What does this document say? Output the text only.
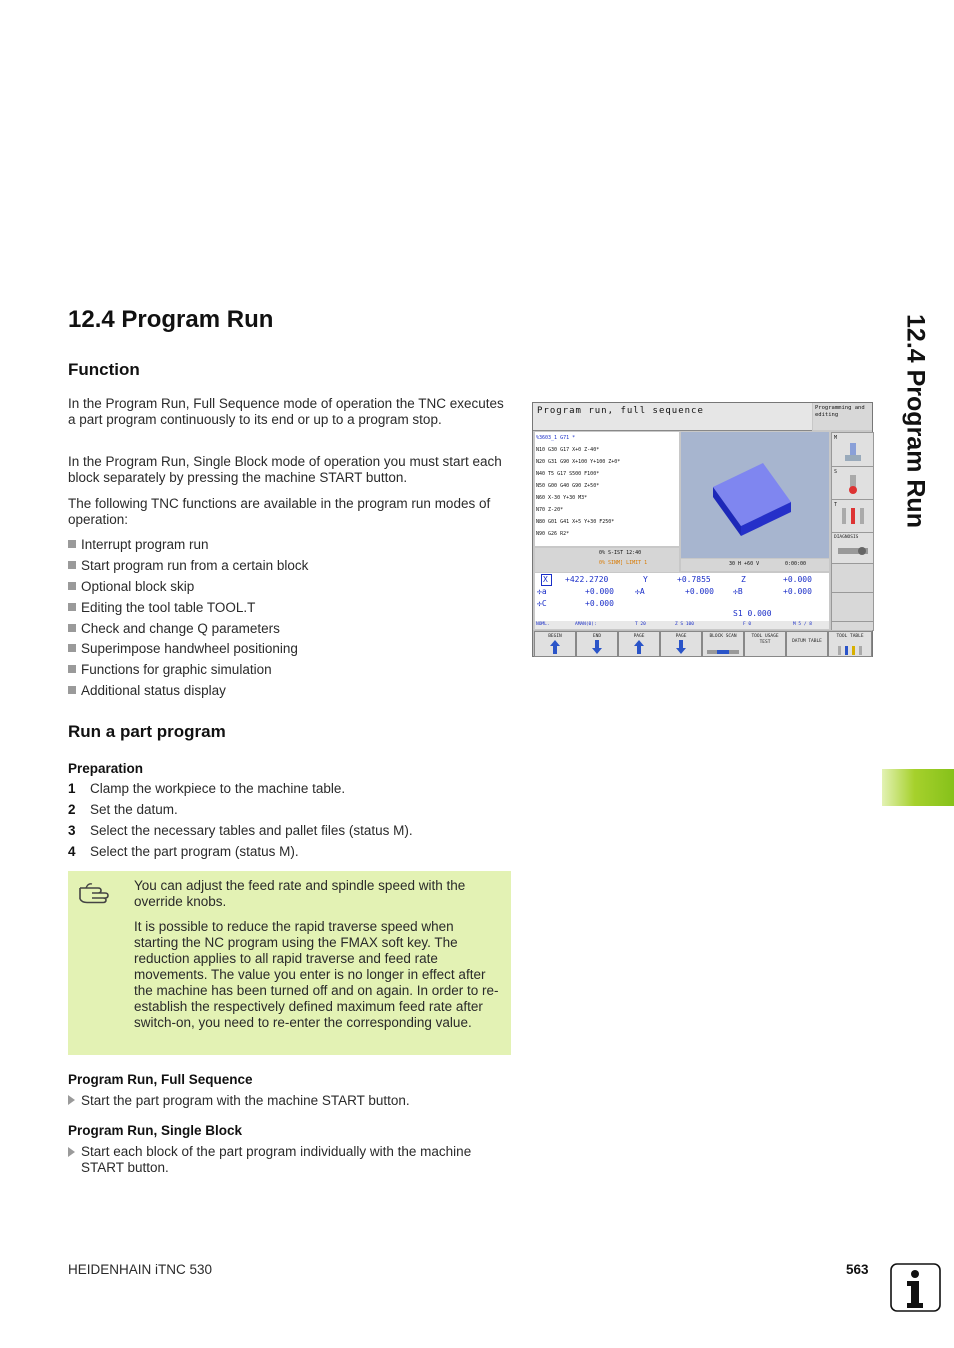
12.4 Program Run
Function
In the Program Run, Full Sequence mode of operation the TNC executes a part program continuously to its end or up to a program stop.
In the Program Run, Single Block mode of operation you must start each block separately by pressing the machine START button.
The following TNC functions are available in the program run modes of operation:
Interrupt program run
Start program run from a certain block
Optional block skip
Editing the tool table TOOL.T
Check and change Q parameters
Superimpose handwheel positioning
Functions for graphic simulation
Additional status display
Run a part program
Preparation
1 Clamp the workpiece to the machine table.
2 Set the datum.
3 Select the necessary tables and pallet files (status M).
4 Select the part program (status M).

You can adjust the feed rate and spindle speed with the override knobs.

It is possible to reduce the rapid traverse speed when starting the NC program using the FMAX soft key. The reduction applies to all rapid traverse and feed rate movements. The value you enter is no longer in effect after the machine has been turned off and on again. In order to re-establish the respectively defined maximum feed rate after switch-on, you need to re-enter the corresponding value.

Program Run, Full Sequence
Start the part program with the machine START button.
Program Run, Single Block
Start each block of the part program individually with the machine START button.
12.4 Program Run
HEIDENHAIN iTNC 530	563
Program run, full sequence	Programming and editing
%3603_1 G71 *
N10 G30 G17 X+0 Z-40*
N20 G31 G90 X+100 Y+100 Z+0*
N40 T5 G17 S500 F100*
N50 G00 G40 G90 Z+50*
N60 X-30 Y+30 M3*
N70 Z-20*
N80 G01 G41 X+5 Y+30 F250*
N90 G26 R2*
0% S-IST 12:40
0% SINM] LIMIT 1	30 H +60 V	0:00:00
X +422.2720	Y	+0.7855	Z	+0.000
✢a	+0.000	✢A	+0.000 ✢B	+0.000
✢C	+0.000
S1 0.000
NOML.	AMAN(0):	T 20	Z S 100	F 0	M 5 / 8
M
S
T
DIAGNOSIS
BEGIN	END	PAGE	PAGE	BLOCK SCAN	TOOL USAGE TEST	DATUM TABLE
TOOL TABLE
